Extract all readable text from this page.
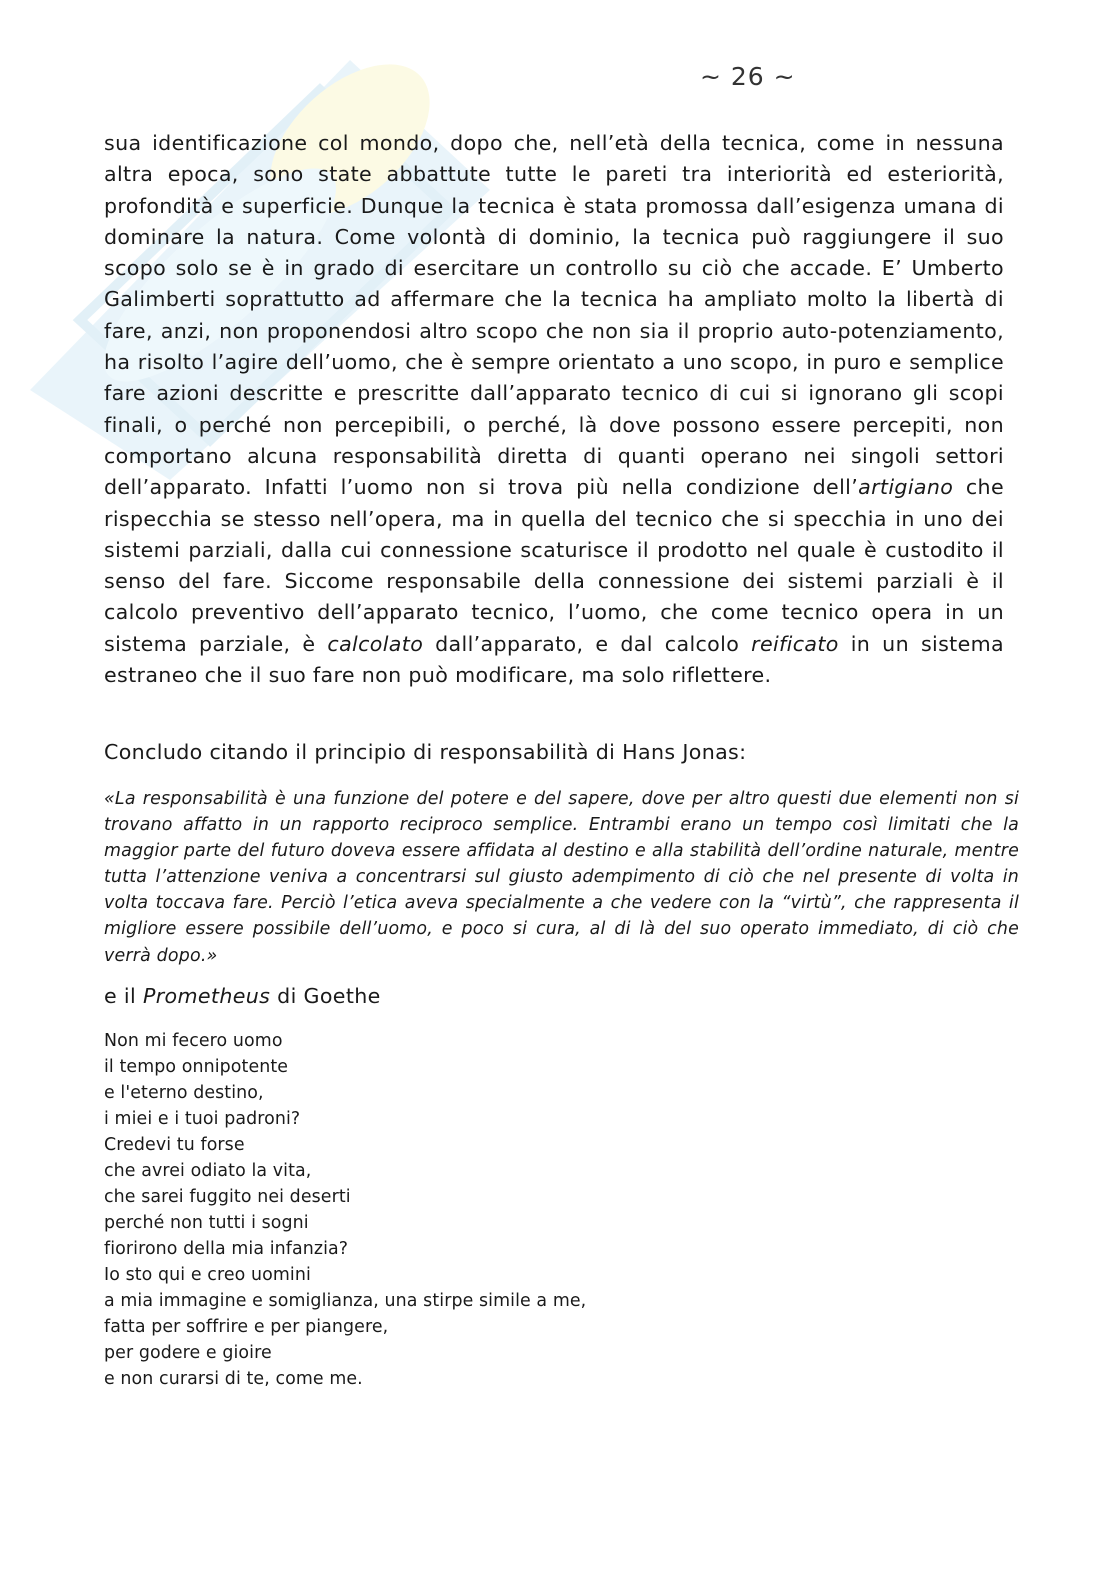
~ 26 ~

sua identificazione col mondo, dopo che, nell’età della tecnica, come in nessuna altra epoca, sono state abbattute tutte le pareti tra interiorità ed esteriorità, profondità e superficie. Dunque la tecnica è stata promossa dall’esigenza umana di dominare la natura. Come volontà di dominio, la tecnica può raggiungere il suo scopo solo se è in grado di esercitare un controllo su ciò che accade. E’ Umberto Galimberti soprattutto ad affermare che la tecnica ha ampliato molto la libertà di fare, anzi, non proponendosi altro scopo che non sia il proprio auto-potenziamento, ha risolto l’agire dell’uomo, che è sempre orientato a uno scopo, in puro e semplice fare azioni descritte e prescritte dall’apparato tecnico di cui si ignorano gli scopi finali, o perché non percepibili, o perché, là dove possono essere percepiti, non comportano alcuna responsabilità diretta di quanti operano nei singoli settori dell’apparato. Infatti l’uomo non si trova più nella condizione dell’artigiano che rispecchia se stesso nell’opera, ma in quella del tecnico che si specchia in uno dei sistemi parziali, dalla cui connessione scaturisce il prodotto nel quale è custodito il senso del fare. Siccome responsabile della connessione dei sistemi parziali è il calcolo preventivo dell’apparato tecnico, l’uomo, che come tecnico opera in un sistema parziale, è calcolato dall’apparato, e dal calcolo reificato in un sistema estraneo che il suo fare non può modificare, ma solo riflettere.

Concludo citando il principio di responsabilità di Hans Jonas:

«La responsabilità è una funzione del potere e del sapere, dove per altro questi due elementi non si trovano affatto in un rapporto reciproco semplice. Entrambi erano un tempo così limitati che la maggior parte del futuro doveva essere affidata al destino e alla stabilità dell’ordine naturale, mentre tutta l’attenzione veniva a concentrarsi sul giusto adempimento di ciò che nel presente di volta in volta toccava fare. Perciò l’etica aveva specialmente a che vedere con la “virtù”, che rappresenta il migliore essere possibile dell’uomo, e poco si cura, al di là del suo operato immediato, di ciò che verrà dopo.»

e il Prometheus di Goethe
Non mi fecero uomo
il tempo onnipotente
e l'eterno destino,
i miei e i tuoi padroni?
Credevi tu forse
che avrei odiato la vita,
che sarei fuggito nei deserti
perché non tutti i sogni
fiorirono della mia infanzia?
Io sto qui e creo uomini
a mia immagine e somiglianza, una stirpe simile a me,
fatta per soffrire e per piangere,
per godere e gioire
e non curarsi di te, come me.
